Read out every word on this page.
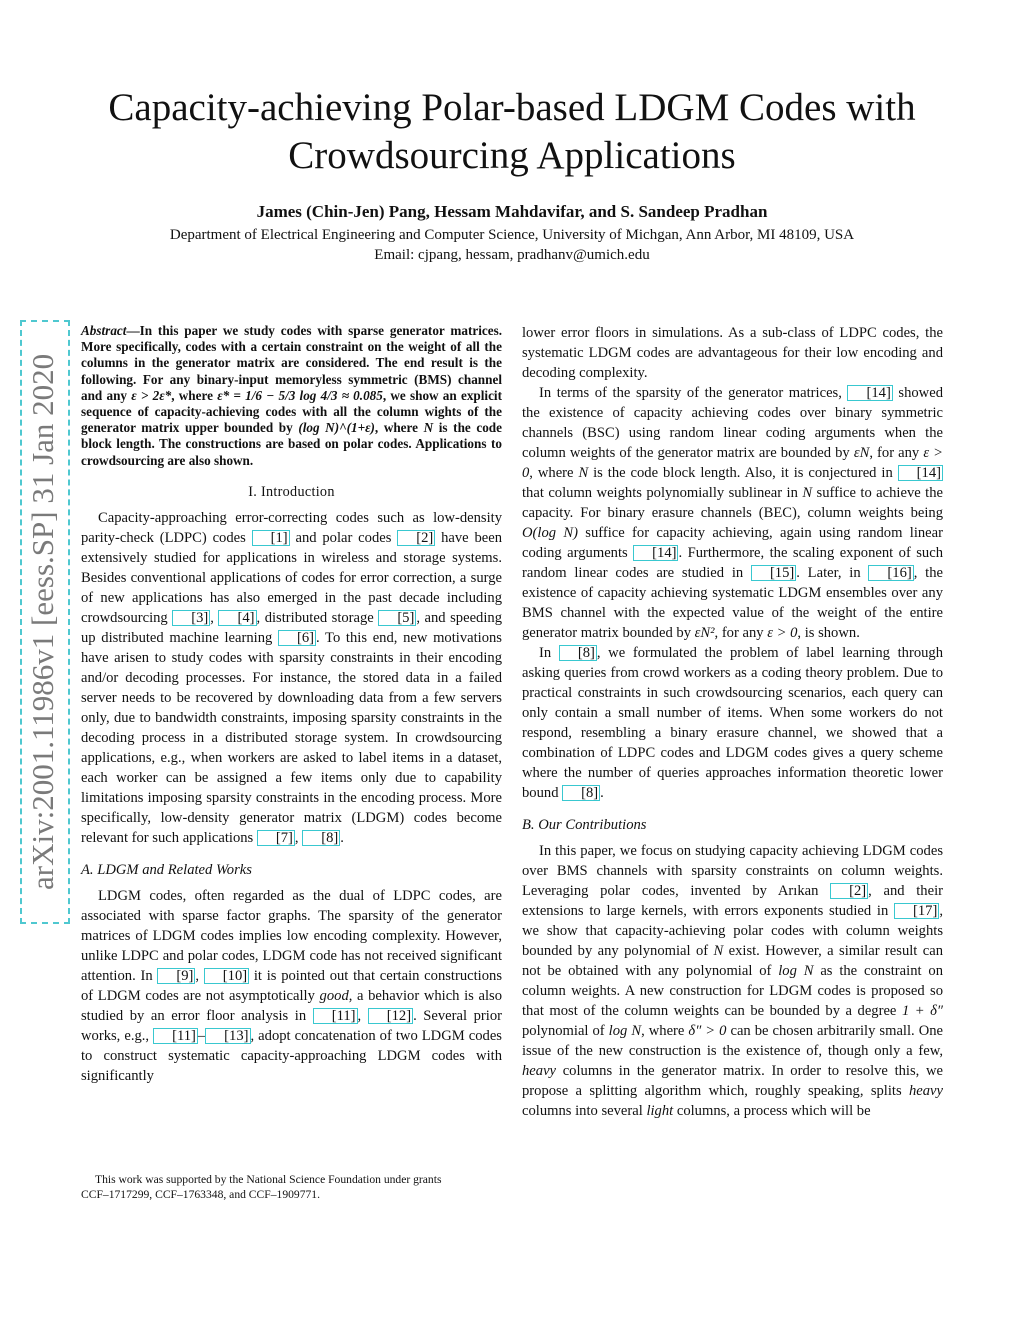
Capacity-achieving Polar-based LDGM Codes with
Crowdsourcing Applications
James (Chin-Jen) Pang, Hessam Mahdavifar, and S. Sandeep Pradhan
Department of Electrical Engineering and Computer Science, University of Michgan, Ann Arbor, MI 48109, USA
Email: cjpang, hessam, pradhanv@umich.edu
arXiv:2001.11986v1 [eess.SP] 31 Jan 2020

Abstract—In this paper we study codes with sparse generator matrices. More specifically, codes with a certain constraint on the weight of all the columns in the generator matrix are considered. The end result is the following. For any binary-input memoryless symmetric (BMS) channel and any ε > 2ε*, where ε* = 1/6 − 5/3 log 4/3 ≈ 0.085, we show an explicit sequence of capacity-achieving codes with all the column wights of the generator matrix upper bounded by (log N)^(1+ε), where N is the code block length. The constructions are based on polar codes. Applications to crowdsourcing are also shown.

I. Introduction

Capacity-approaching error-correcting codes such as low-density parity-check (LDPC) codes [1] and polar codes [2] have been extensively studied for applications in wireless and storage systems. Besides conventional applications of codes for error correction, a surge of new applications has also emerged in the past decade including crowdsourcing [3] , [4] , distributed storage [5] , and speeding up distributed machine learning [6] . To this end, new motivations have arisen to study codes with sparsity constraints in their encoding and/or decoding processes. For instance, the stored data in a failed server needs to be recovered by downloading data from a few servers only, due to bandwidth constraints, imposing sparsity constraints in the decoding process in a distributed storage system. In crowdsourcing applications, e.g., when workers are asked to label items in a dataset, each worker can be assigned a few items only due to capability limitations imposing sparsity constraints in the encoding process. More specifically, low-density generator matrix (LDGM) codes become relevant for such applications [7] , [8] .

A. LDGM and Related Works

LDGM codes, often regarded as the dual of LDPC codes, are associated with sparse factor graphs. The sparsity of the generator matrices of LDGM codes implies low encoding complexity. However, unlike LDPC and polar codes, LDGM code has not received significant attention. In [9] , [10] it is pointed out that certain constructions of LDGM codes are not asymptotically good, a behavior which is also studied by an error floor analysis in [11] , [12] . Several prior works, e.g., [11] – [13] , adopt concatenation of two LDGM codes to construct systematic capacity-approaching LDGM codes with significantly

This work was supported by the National Science Foundation under grants
CCF–1717299, CCF–1763348, and CCF–1909771.

lower error floors in simulations. As a sub-class of LDPC codes, the systematic LDGM codes are advantageous for their low encoding and decoding complexity.

In terms of the sparsity of the generator matrices, [14] showed the existence of capacity achieving codes over binary symmetric channels (BSC) using random linear coding arguments when the column weights of the generator matrix are bounded by εN, for any ε > 0, where N is the code block length. Also, it is conjectured in [14] that column weights polynomially sublinear in N suffice to achieve the capacity. For binary erasure channels (BEC), column weights being O(log N) suffice for capacity achieving, again using random linear coding arguments [14] . Furthermore, the scaling exponent of such random linear codes are studied in [15] . Later, in [16] , the existence of capacity achieving systematic LDGM ensembles over any BMS channel with the expected value of the weight of the entire generator matrix bounded by εN², for any ε > 0, is shown.

In [8] , we formulated the problem of label learning through asking queries from crowd workers as a coding theory problem. Due to practical constraints in such crowdsourcing scenarios, each query can only contain a small number of items. When some workers do not respond, resembling a binary erasure channel, we showed that a combination of LDPC codes and LDGM codes gives a query scheme where the number of queries approaches information theoretic lower bound [8] .

B. Our Contributions

In this paper, we focus on studying capacity achieving LDGM codes over BMS channels with sparsity constraints on column weights. Leveraging polar codes, invented by Arıkan [2] , and their extensions to large kernels, with errors exponents studied in [17] , we show that capacity-achieving polar codes with column weights bounded by any polynomial of N exist. However, a similar result can not be obtained with any polynomial of log N as the constraint on column weights. A new construction for LDGM codes is proposed so that most of the column weights can be bounded by a degree 1 + δ″ polynomial of log N, where δ″ > 0 can be chosen arbitrarily small. One issue of the new construction is the existence of, though only a few, heavy columns in the generator matrix. In order to resolve this, we propose a splitting algorithm which, roughly speaking, splits heavy columns into several light columns, a process which will be
